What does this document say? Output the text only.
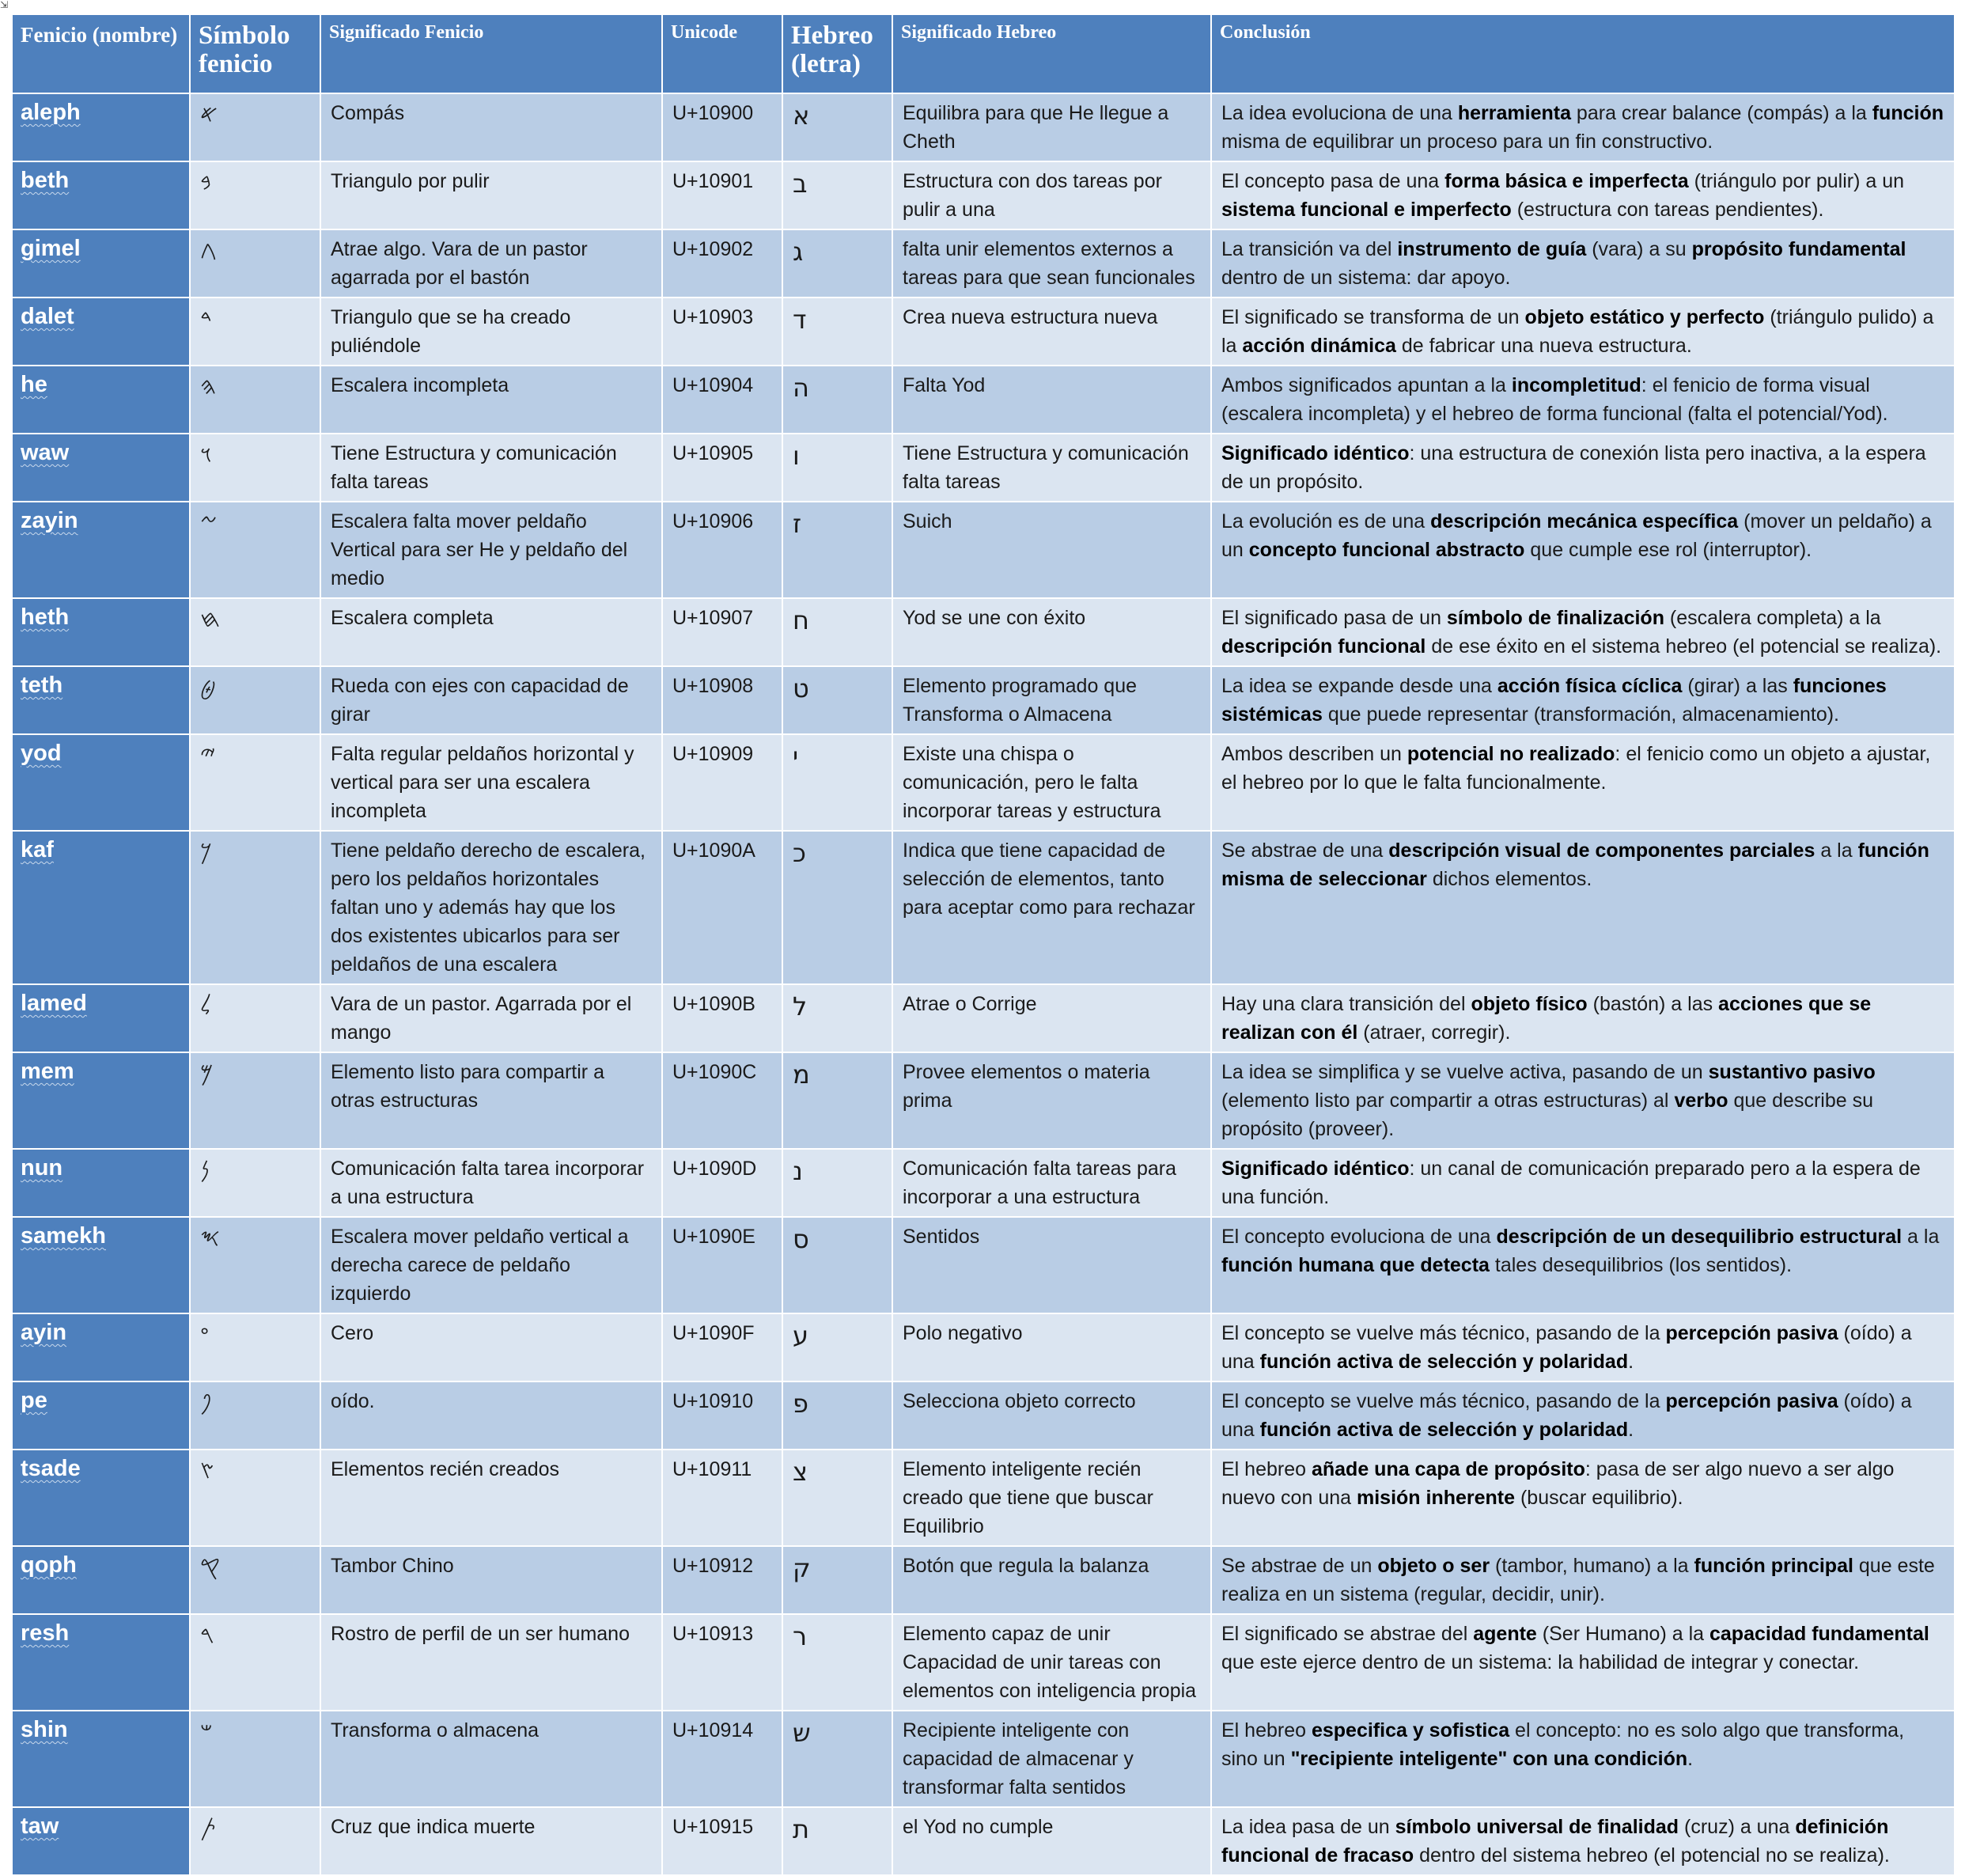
⇲
Fenicio (nombre)	Símbolo fenicio	Significado Fenicio	Unicode	Hebreo (letra)	Significado Hebreo	Conclusión
aleph	𐤀	Compás	U+10900	א	Equilibra para que He llegue a Cheth	La idea evoluciona de una herramienta para crear balance (compás) a la función misma de equilibrar un proceso para un fin constructivo.
beth	𐤁	Triangulo por pulir	U+10901	ב	Estructura con dos tareas por pulir a una	El concepto pasa de una forma básica e imperfecta (triángulo por pulir) a un sistema funcional e imperfecto (estructura con tareas pendientes).
gimel	𐤂	Atrae algo. Vara de un pastor agarrada por el bastón	U+10902	ג	falta unir elementos externos a tareas para que sean funcionales	La transición va del instrumento de guía (vara) a su propósito fundamental dentro de un sistema: dar apoyo.
dalet	𐤃	Triangulo que se ha creado puliéndole	U+10903	ד	Crea nueva estructura nueva	El significado se transforma de un objeto estático y perfecto (triángulo pulido) a la acción dinámica de fabricar una nueva estructura.
he	𐤄	Escalera incompleta	U+10904	ה	Falta Yod	Ambos significados apuntan a la incompletitud: el fenicio de forma visual (escalera incompleta) y el hebreo de forma funcional (falta el potencial/Yod).
waw	𐤅	Tiene Estructura y comunicación falta tareas	U+10905	ו	Tiene Estructura y comunicación falta tareas	Significado idéntico: una estructura de conexión lista pero inactiva, a la espera de un propósito.
zayin	𐤆	Escalera falta mover peldaño Vertical para ser He y peldaño del medio	U+10906	ז	Suich	La evolución es de una descripción mecánica específica (mover un peldaño) a un concepto funcional abstracto que cumple ese rol (interruptor).
heth	𐤇	Escalera completa	U+10907	ח	Yod se une con éxito	El significado pasa de un símbolo de finalización (escalera completa) a la descripción funcional de ese éxito en el sistema hebreo (el potencial se realiza).
teth	𐤈	Rueda con ejes con capacidad de girar	U+10908	ט	Elemento programado que Transforma o Almacena	La idea se expande desde una acción física cíclica (girar) a las funciones sistémicas que puede representar (transformación, almacenamiento).
yod	𐤉	Falta regular peldaños horizontal y vertical para ser una escalera incompleta	U+10909	י	Existe una chispa o comunicación, pero le falta incorporar tareas y estructura	Ambos describen un potencial no realizado: el fenicio como un objeto a ajustar, el hebreo por lo que le falta funcionalmente.
kaf	𐤊	Tiene peldaño derecho de escalera, pero los peldaños horizontales faltan uno y además hay que los dos existentes ubicarlos para ser peldaños de una escalera	U+1090A	כ	Indica que tiene capacidad de selección de elementos, tanto para aceptar como para rechazar	Se abstrae de una descripción visual de componentes parciales a la función misma de seleccionar dichos elementos.
lamed	𐤋	Vara de un pastor. Agarrada por el mango	U+1090B	ל	Atrae o Corrige	Hay una clara transición del objeto físico (bastón) a las acciones que se realizan con él (atraer, corregir).
mem	𐤌	Elemento listo para compartir a otras estructuras	U+1090C	מ	Provee elementos o materia prima	La idea se simplifica y se vuelve activa, pasando de un sustantivo pasivo (elemento listo par compartir a otras estructuras) al verbo que describe su propósito (proveer).
nun	𐤍	Comunicación falta tarea incorporar a una estructura	U+1090D	נ	Comunicación falta tareas para incorporar a una estructura	Significado idéntico: un canal de comunicación preparado pero a la espera de una función.
samekh	𐤎	Escalera mover peldaño vertical a derecha carece de peldaño izquierdo	U+1090E	ס	Sentidos	El concepto evoluciona de una descripción de un desequilibrio estructural a la función humana que detecta tales desequilibrios (los sentidos).
ayin	𐤏	Cero	U+1090F	ע	Polo negativo	El concepto se vuelve más técnico, pasando de la percepción pasiva (oído) a una función activa de selección y polaridad.
pe	𐤐	oído.	U+10910	פ	Selecciona objeto correcto	El concepto se vuelve más técnico, pasando de la percepción pasiva (oído) a una función activa de selección y polaridad.
tsade	𐤑	Elementos recién creados	U+10911	צ	Elemento inteligente recién creado que tiene que buscar Equilibrio	El hebreo añade una capa de propósito: pasa de ser algo nuevo a ser algo nuevo con una misión inherente (buscar equilibrio).
qoph	𐤒	Tambor Chino	U+10912	ק	Botón que regula la balanza	Se abstrae de un objeto o ser (tambor, humano) a la función principal que este realiza en un sistema (regular, decidir, unir).
resh	𐤓	Rostro de perfil de un ser humano	U+10913	ר	Elemento capaz de unir Capacidad de unir tareas con elementos con inteligencia propia	El significado se abstrae del agente (Ser Humano) a la capacidad fundamental que este ejerce dentro de un sistema: la habilidad de integrar y conectar.
shin	𐤔	Transforma o almacena	U+10914	ש	Recipiente inteligente con capacidad de almacenar y transformar falta sentidos	El hebreo especifica y sofistica el concepto: no es solo algo que transforma, sino un "recipiente inteligente" con una condición.
taw	𐤕	Cruz que indica muerte	U+10915	ת	el Yod no cumple	La idea pasa de un símbolo universal de finalidad (cruz) a una definición funcional de fracaso dentro del sistema hebreo (el potencial no se realiza).
